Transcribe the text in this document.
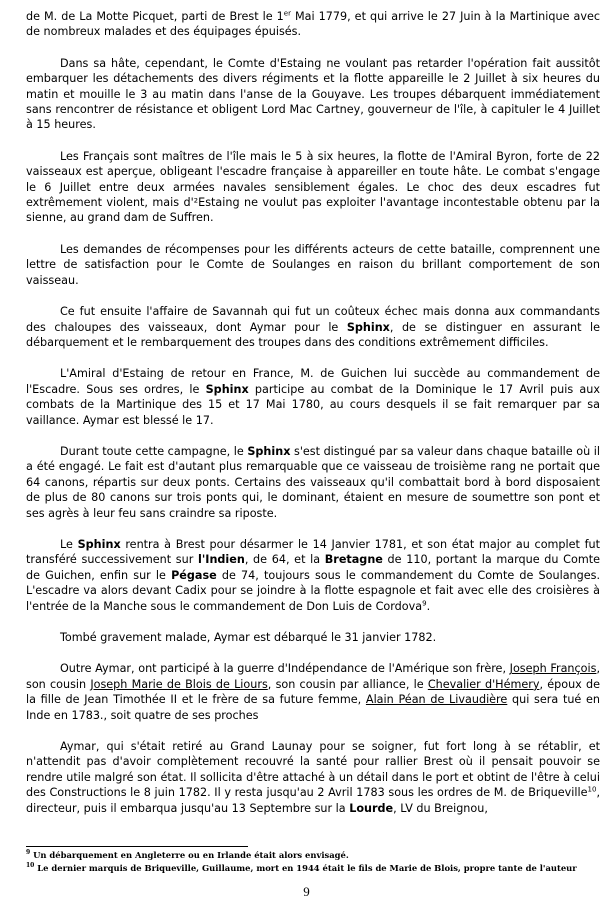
de M. de La Motte Picquet, parti de Brest le 1er Mai 1779, et qui arrive le 27 Juin à la Martinique avec de nombreux malades et des équipages épuisés.

Dans sa hâte, cependant, le Comte d'Estaing ne voulant pas retarder l'opération fait aussitôt embarquer les détachements des divers régiments et la flotte appareille le 2 Juillet à six heures du matin et mouille le 3 au matin dans l'anse de la Gouyave. Les troupes débarquent immédiatement sans rencontrer de résistance et obligent Lord Mac Cartney, gouverneur de l'île, à capituler le 4 Juillet à 15 heures.

Les Français sont maîtres de l'île mais le 5 à six heures, la flotte de l'Amiral Byron, forte de 22 vaisseaux est aperçue, obligeant l'escadre française à appareiller en toute hâte. Le combat s'engage le 6 Juillet entre deux armées navales sensiblement égales. Le choc des deux escadres fut extrêmement violent, mais d'²Estaing ne voulut pas exploiter l'avantage incontestable obtenu par la sienne, au grand dam de Suffren.

Les demandes de récompenses pour les différents acteurs de cette bataille, comprennent une lettre de satisfaction pour le Comte de Soulanges en raison du brillant comportement de son vaisseau.

Ce fut ensuite l'affaire de Savannah qui fut un coûteux échec mais donna aux commandants des chaloupes des vaisseaux, dont Aymar pour le Sphinx, de se distinguer en assurant le débarquement et le rembarquement des troupes dans des conditions extrêmement difficiles.

L'Amiral d'Estaing de retour en France, M. de Guichen lui succède au commandement de l'Escadre. Sous ses ordres, le Sphinx participe au combat de la Dominique le 17 Avril puis aux combats de la Martinique des 15 et 17 Mai 1780, au cours desquels il se fait remarquer par sa vaillance. Aymar est blessé le 17.

Durant toute cette campagne, le Sphinx s'est distingué par sa valeur dans chaque bataille où il a été engagé. Le fait est d'autant plus remarquable que ce vaisseau de troisième rang ne portait que 64 canons, répartis sur deux ponts. Certains des vaisseaux qu'il combattait bord à bord disposaient de plus de 80 canons sur trois ponts qui, le dominant, étaient en mesure de soumettre son pont et ses agrès à leur feu sans craindre sa riposte.

Le Sphinx rentra à Brest pour désarmer le 14 Janvier 1781, et son état major au complet fut transféré successivement sur l'Indien, de 64, et la Bretagne de 110, portant la marque du Comte de Guichen, enfin sur le Pégase de 74, toujours sous le commandement du Comte de Soulanges. L'escadre va alors devant Cadix pour se joindre à la flotte espagnole et fait avec elle des croisières à l'entrée de la Manche sous le commandement de Don Luis de Cordova$^9$.

Tombé gravement malade, Aymar est débarqué le 31 janvier 1782.

Outre Aymar, ont participé à la guerre d'Indépendance de l'Amérique son frère, Joseph François, son cousin Joseph Marie de Blois de Liours, son cousin par alliance, le Chevalier d'Hémery, époux de la fille de Jean Timothée II et le frère de sa future femme, Alain Péan de Livaudière qui sera tué en Inde en 1783., soit quatre de ses proches

Aymar, qui s'était retiré au Grand Launay pour se soigner, fut fort long à se rétablir, et n'attendit pas d'avoir complètement recouvré la santé pour rallier Brest où il pensait pouvoir se rendre utile malgré son état. Il sollicita d'être attaché à un détail dans le port et obtint de l'être à celui des Constructions le 8 juin 1782. Il y resta jusqu'au 2 Avril 1783 sous les ordres de M. de Briqueville$^{10}$, directeur, puis il embarqua jusqu'au 13 Septembre sur la Lourde, LV du Breignou,

$^9$ Un débarquement en Angleterre ou en Irlande était alors envisagé.
$^{10}$ Le dernier marquis de Briqueville, Guillaume, mort en 1944 était le fils de Marie de Blois, propre tante de l'auteur
9
